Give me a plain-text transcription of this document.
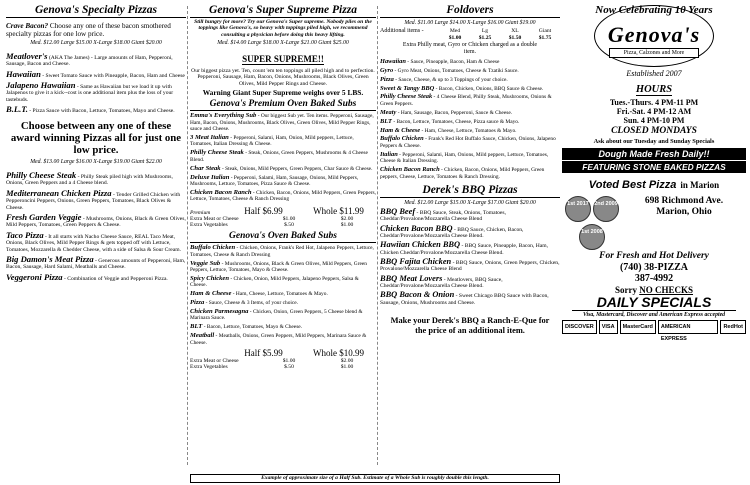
Genova's Specialty Pizzas
Crave Bacon? Choose any one of these bacon smothered specialty pizzas for one low price.
Med. $12.00 Large $15.00 X-Large $18.00 Giant $20.00
Meatlover's (AKA The James) - Large amounts of Ham, Pepperoni, Sausage, Bacon and Cheese.
Hawaiian - Sweet Tomato Sauce with Pineapple, Bacon, Ham and Cheese
Jalapeno Hawaiian - Same as Hawaiian but we load it up with Jalapenos to give it a kick--cost is one additional item plus the loss of your tastebuds.
B.L.T. - Pizza Sauce with Bacon, Lettuce, Tomatoes, Mayo and Cheese.
Choose between any one of these award winning Pizzas all for just one low price.
Med. $13.00 Large $16.00 X-Large $19.00 Giant $22.00
Philly Cheese Steak - Philly Steak piled high with Mushrooms, Onions, Green Peppers and a 4 Cheese blend.
Mediterranean Chicken Pizza - Tender Grilled Chicken with Pepperoncini Peppers, Onions, Green Peppers, Tomatoes, Black Olives & Cheese.
Fresh Garden Veggie - Mushrooms, Onions, Black & Green Olives, Mild Peppers, Tomatoes, Green Peppers & Cheese.
Taco Pizza - It all starts with Nacho Cheese Sauce, REAL Taco Meat, Onions, Black Olives, Mild Pepper Rings & gets topped off with Lettuce, Tomatoes, Mozzarella & Chedder Cheese, with a side of Salsa & Sour Cream.
Big Damon's Meat Pizza - Generous amounts of Pepperoni, Ham, Bacon, Sausage, Hard Salami, Meatballs and Cheese.
Veggeroni Pizza - Combination of Veggie and Pepperoni Pizza.
Genova's Super Supreme Pizza
Still hungry for more? Try our Genova's Super supreme. Nobody piles on the toppings like Genova's, so heavy with toppings piled high, we recommend consulting a physician before doing this heavy lifting.
Med. $14.00 Large $18.00 X-Large $21.00 Giant $25.00
SUPER SUPREME!!
Our biggest pizza yet. Ten, count 'em ten toppings all piled high and to perfection. Pepperoni, Sausage, Ham, Bacon, Onions, Mushrooms, Black Olives, Green Olives, Mild Pepper Rings and Cheese.
Warning Giant Super Supreme weighs over 5 LBS.
Genova's Premium Oven Baked Subs
Emma's Everything Sub - Our biggest Sub yet. Ten items. Pepperoni, Sausage, Ham, Bacon, Onions, Mushrooms, Black Olives, Green Olives, Mild Pepper Rings, sauce and Cheese.
3 Meat Italian - Pepperoni, Salami, Ham, Onion, Mild peppers, Lettuce, Tomatoes, Italian Dressing & Cheese.
Philly Cheese Steak - Steak, Onions, Green Peppers, Mushrooms & 4 Cheese Blend.
Char Steak - Steak, Onions, Mild Peppers, Green Peppers, Char Sauce & Cheese.
Deluxe Italian - Pepperoni, Salami, Ham, Sausage, Onions, Mild Peppers, Mushrooms, Lettuce, Tomatoes, Pizza Sauce & Cheese.
Chicken Bacon Ranch - Chicken, Bacon, Onions, Mild Peppers, Green Peppers, Lettuce, Tomatoes, Cheese & Ranch Dressing
Premium	Half $6.99	Whole $11.99
Extra Meat or Cheese	$1.00	$2.00
Extra Vegetables	$.50	$1.00
Genova's Oven Baked Subs
Buffalo Chicken - Chicken, Onions, Frank's Red Hot, Jalapeno Peppers, Lettuce, Tomatoes, Cheese & Ranch Dressing
Veggie Sub - Mushrooms, Onions, Black & Green Olives, Mild Peppers, Green Peppers, Lettuce, Tomatoes, Mayo & Cheese.
Spicy Chicken - Chicken, Onion, Mild Peppers, Jalapeno Peppers, Salsa & Cheese.
Ham & Cheese - Ham, Cheese, Lettuce, Tomatoes & Mayo.
Pizza - Sauce, Cheese & 3 Items, of your choice.
Chicken Parmesagna - Chicken, Onion, Green Peppers, 5 Cheese blend & Marinara Sauce.
BLT - Bacon, Lettuce, Tomatoes, Mayo & Cheese.
Meatball - Meatballs, Onions, Green Peppers, Mild Peppers, Marinara Sauce & Cheese.
Half $5.99	Whole $10.99
Extra Meat or Cheese	$1.00	$2.00
Extra Vegetables	$.50	$1.00
Foldovers
Med. $11.00 Large $14.00 X-Large $16.00 Giant $19.00
Additional items -	Med	Lg	XL	Giant
$1.00	$1.25	$1.50	$1.75
Extra Philly meat, Gyro or Chicken charged as a double item.
Hawaiian - Sauce, Pineapple, Bacon, Ham & Cheese
Gyro - Gyro Meat, Onions, Tomatoes, Cheese & Tzatiki Sauce.
Pizza - Sauce, Cheese, & up to 3 Toppings of your choice.
Sweet & Tangy BBQ - Bacon, Chicken, Onions, BBQ Sauce & Cheese.
Philly Cheese Steak - 4 Cheese Blend, Philly Steak, Mushrooms, Onions & Green Peppers.
Meaty - Ham, Sausage, Bacon, Pepperoni, Sauce & Cheese.
BLT - Bacon, Lettuce, Tomatoes, Cheese, Pizza sauce & Mayo.
Ham & Cheese - Ham, Cheese, Lettuce, Tomatoes & Mayo.
Buffalo Chicken - Frank's Red Hot Buffalo Sauce, Chicken, Onions, Jalapeno Peppers & Cheese.
Italian - Pepperoni, Salami, Ham, Onions, Mild peppers, Lettuce, Tomatoes, Cheese & Italian Dressing.
Chicken Bacon Ranch - Chicken, Bacon, Onions, Mild Peppers, Green peppers, Cheese, Lettuce, Tomatoes & Ranch Dressing.
Derek's BBQ Pizzas
Med. $12.00 Large $15.00 X-Large $17.00 Giant $20.00
BBQ Beef - BBQ Sauce, Steak, Onions, Tomatoes, Cheddar/Provalone/Mozzarella Cheese Blend
Chicken Bacon BBQ - BBQ Sauce, Chicken, Bacon, Cheddar/Provalone/Mozzarella Cheese Blend.
Hawiian Chicken BBQ - BBQ Sauce, Pineapple, Bacon, Ham, Chicken Cheddar/Provalone/Mozzarella Cheese Blend.
BBQ Fajita Chicken - BBQ Sauce, Onions, Green Peppers, Chicken, Provalone/Mozzarella Cheese Blend
BBQ Meat Lovers - Meatlovers, BBQ Sauce, Cheddar/Provalone/Mozzarella Cheese Blend.
BBQ Bacon & Onion - Sweet Chicago BBQ Sauce with Bacon, Sausage, Onions, Mushrooms and Cheese.
Make your Derek's BBQ a Ranch-E-Que for the price of an additional item.
Now Celebrating 10 Years
Genova's
Pizza, Calzones and More
Established 2007
HOURS
Tues.-Thurs. 4 PM-11 PM
Fri.-Sat. 4 PM-12 AM
Sun. 4 PM-10 PM
CLOSED MONDAYS
Ask about our Tuesday and Sunday Specials
Dough Made Fresh Daily!!
FEATURING STONE BAKED PIZZAS
Voted Best Pizza in Marion
1st 2017 2nd 2009
1st 2008
698 Richmond Ave.
Marion, Ohio
For Fresh and Hot Delivery
(740) 38-PIZZA
387-4992
Sorry NO CHECKS
DAILY SPECIALS
Visa, Mastercard, Discover and American Express accepted
DISCOVER	VISA	MasterCard	AMERICAN EXPRESS
RedHot
Example of approximate size of a Half Sub. Estimate of a Whole Sub is roughly double this length.
